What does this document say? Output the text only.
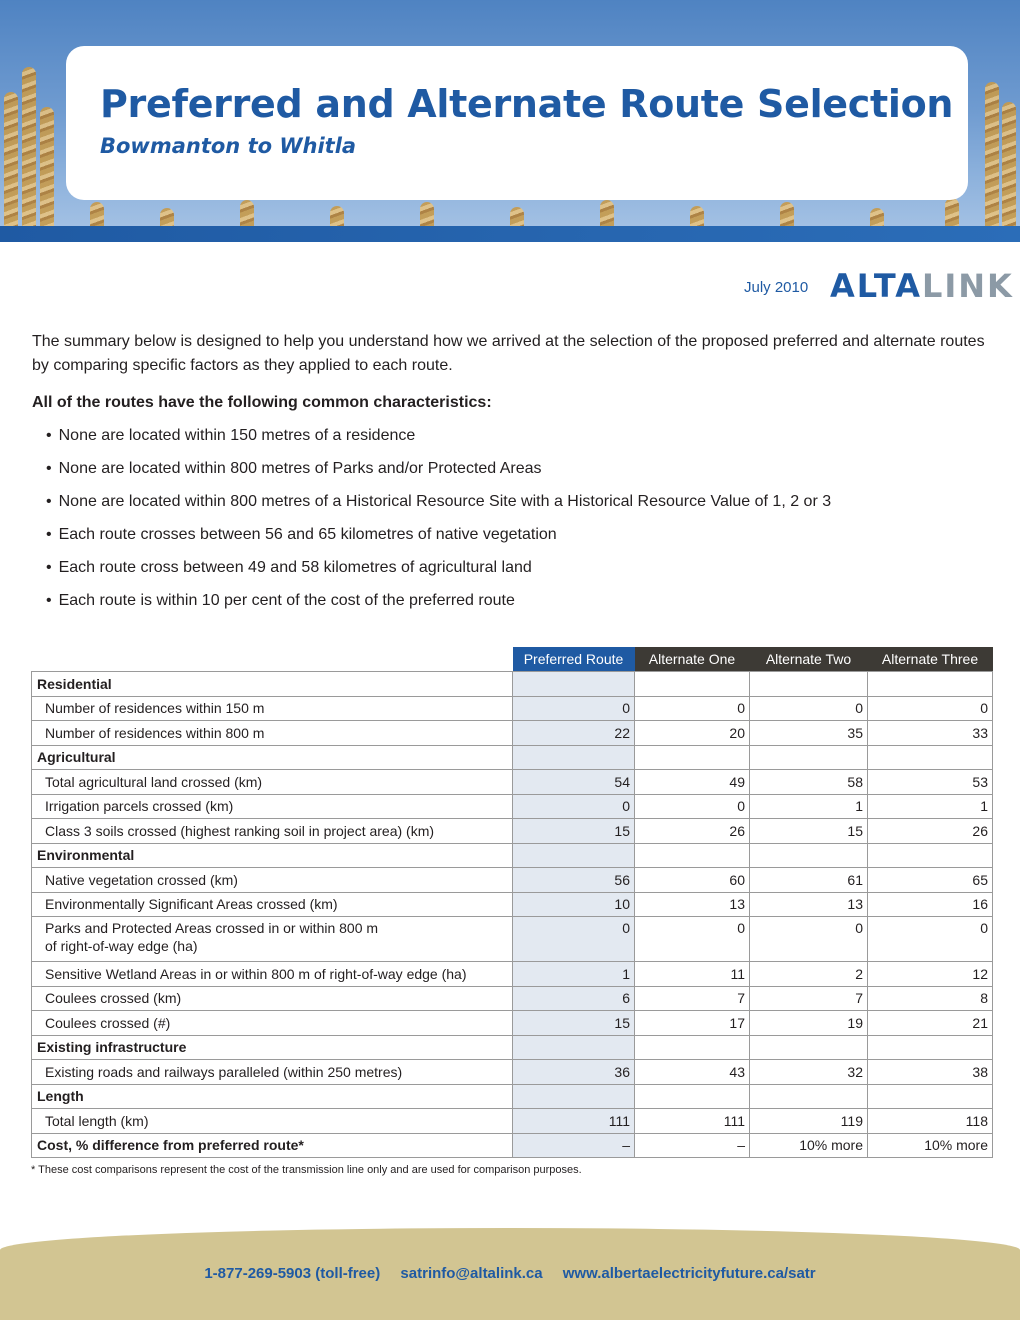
Preferred and Alternate Route Selection

Bowmanton to Whitla

July 2010 ALTALINK

The summary below is designed to help you understand how we arrived at the selection of the proposed preferred and alternate routes by comparing specific factors as they applied to each route.

All of the routes have the following common characteristics:

• None are located within 150 metres of a residence
• None are located within 800 metres of Parks and/or Protected Areas
• None are located within 800 metres of a Historical Resource Site with a Historical Resource Value of 1, 2 or 3
• Each route crosses between 56 and 65 kilometres of native vegetation
• Each route cross between 49 and 58 kilometres of agricultural land
• Each route is within 10 per cent of the cost of the preferred route
	Preferred Route	Alternate One	Alternate Two	Alternate Three
Residential				
Number of residences within 150 m	0	0	0	0
Number of residences within 800 m	22	20	35	33
Agricultural				
Total agricultural land crossed (km)	54	49	58	53
Irrigation parcels crossed (km)	0	0	1	1
Class 3 soils crossed (highest ranking soil in project area) (km)	15	26	15	26
Environmental				
Native vegetation crossed (km)	56	60	61	65
Environmentally Significant Areas crossed (km)	10	13	13	16
Parks and Protected Areas crossed in or within 800 m
of right-of-way edge (ha)	0	0	0	0
Sensitive Wetland Areas in or within 800 m of right-of-way edge (ha)	1	11	2	12
Coulees crossed (km)	6	7	7	8
Coulees crossed (#)	15	17	19	21
Existing infrastructure				
Existing roads and railways paralleled (within 250 metres)	36	43	32	38
Length				
Total length (km)	111	111	119	118
Cost, % difference from preferred route*	–	–	10% more	10% more

* These cost comparisons represent the cost of the transmission line only and are used for comparison purposes.

1-877-269-5903 (toll-free) satrinfo@altalink.ca www.albertaelectricityfuture.ca/satr
